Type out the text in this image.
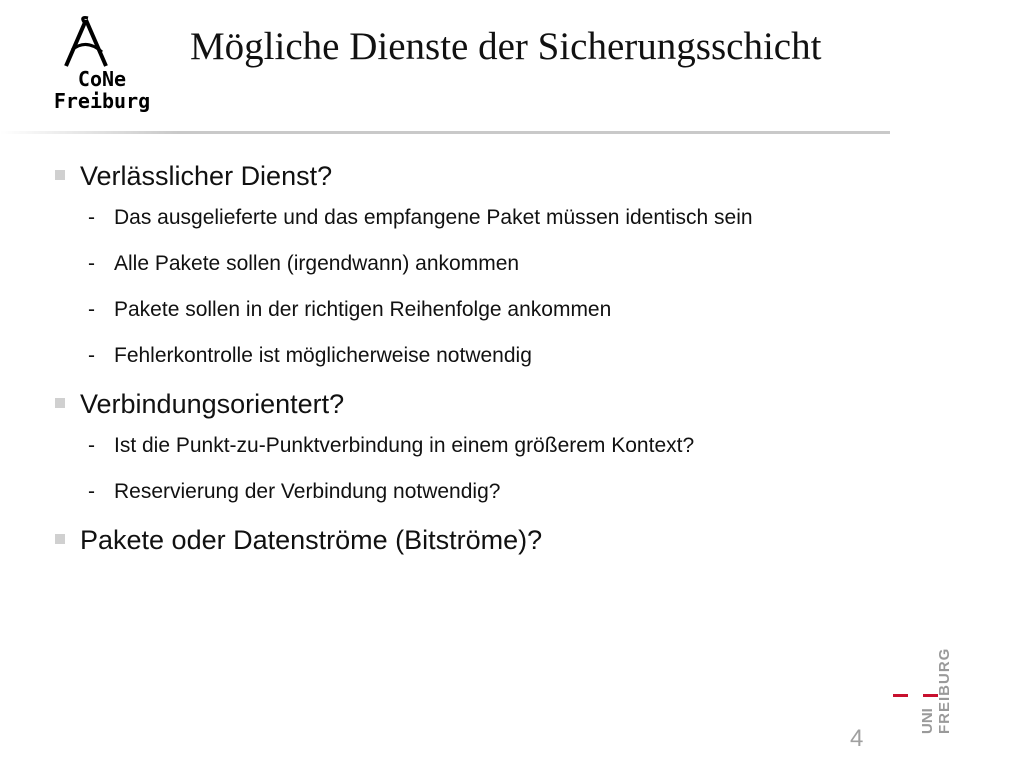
CoNe
Freiburg
Mögliche Dienste der Sicherungsschicht
Verlässlicher Dienst?
- Das ausgelieferte und das empfangene Paket müssen identisch sein
- Alle Pakete sollen (irgendwann) ankommen
- Pakete sollen in der richtigen Reihenfolge ankommen
- Fehlerkontrolle ist möglicherweise notwendig
Verbindungsorientert?
- Ist die Punkt-zu-Punktverbindung in einem größerem Kontext?
- Reservierung der Verbindung notwendig?
Pakete oder Datenströme (Bitströme)?
UNI FREIBURG
4
